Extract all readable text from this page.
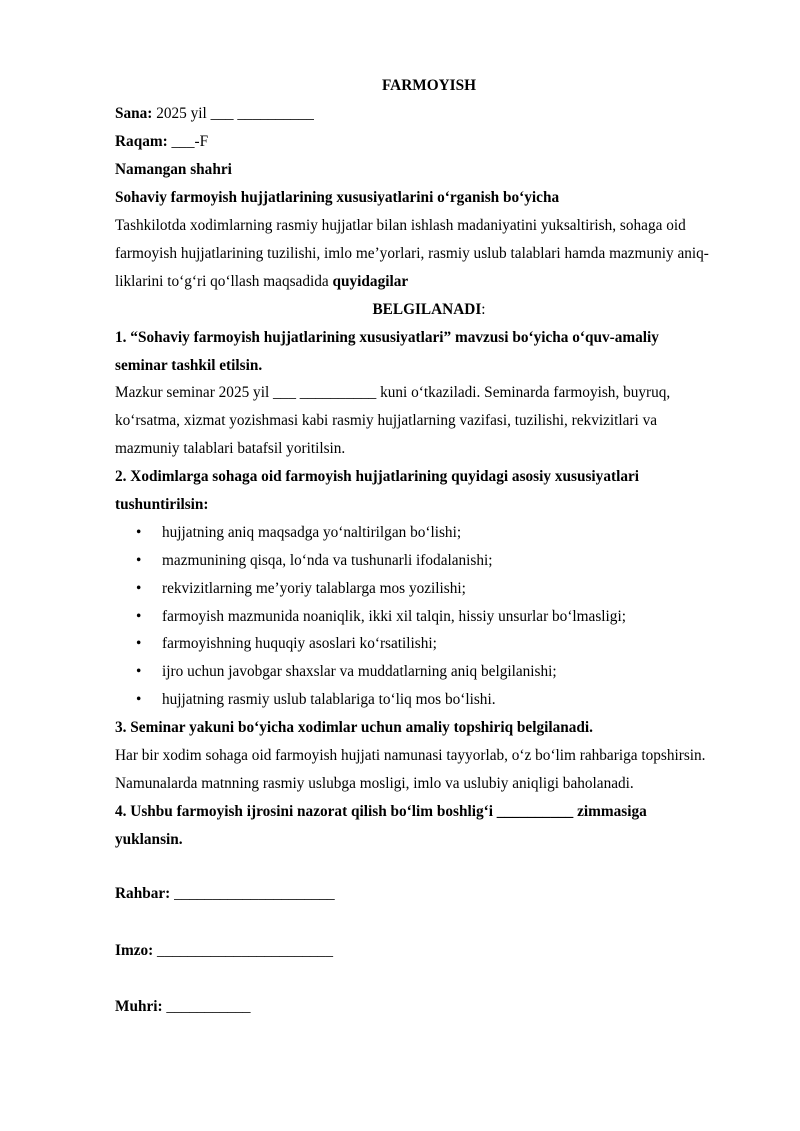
FARMOYISH
Sana: 2025 yil ___ __________
Raqam: ___-F
Namangan shahri
Sohaviy farmoyish hujjatlarining xususiyatlarini o‘rganish bo‘yicha
Tashkilotda xodimlarning rasmiy hujjatlar bilan ishlash madaniyatini yuksaltirish, sohaga oid
farmoyish hujjatlarining tuzilishi, imlo me’yorlari, rasmiy uslub talablari hamda mazmuniy aniq-
liklarini to‘g‘ri qo‘llash maqsadida quyidagilar
BELGILANADI:
1. “Sohaviy farmoyish hujjatlarining xususiyatlari” mavzusi bo‘yicha o‘quv-amaliy
seminar tashkil etilsin.
Mazkur seminar 2025 yil ___ __________ kuni o‘tkaziladi. Seminarda farmoyish, buyruq,
ko‘rsatma, xizmat yozishmasi kabi rasmiy hujjatlarning vazifasi, tuzilishi, rekvizitlari va
mazmuniy talablari batafsil yoritilsin.
2. Xodimlarga sohaga oid farmoyish hujjatlarining quyidagi asosiy xususiyatlari
tushuntirilsin:
• hujjatning aniq maqsadga yo‘naltirilgan bo‘lishi;
• mazmunining qisqa, lo‘nda va tushunarli ifodalanishi;
• rekvizitlarning me’yoriy talablarga mos yozilishi;
• farmoyish mazmunida noaniqlik, ikki xil talqin, hissiy unsurlar bo‘lmasligi;
• farmoyishning huquqiy asoslari ko‘rsatilishi;
• ijro uchun javobgar shaxslar va muddatlarning aniq belgilanishi;
• hujjatning rasmiy uslub talablariga to‘liq mos bo‘lishi.
3. Seminar yakuni bo‘yicha xodimlar uchun amaliy topshiriq belgilanadi.
Har bir xodim sohaga oid farmoyish hujjati namunasi tayyorlab, o‘z bo‘lim rahbariga topshirsin.
Namunalarda matnning rasmiy uslubga mosligi, imlo va uslubiy aniqligi baholanadi.
4. Ushbu farmoyish ijrosini nazorat qilish bo‘lim boshlig‘i __________ zimmasiga
yuklansin.
Rahbar: _____________________
Imzo: _______________________
Muhri: ___________
